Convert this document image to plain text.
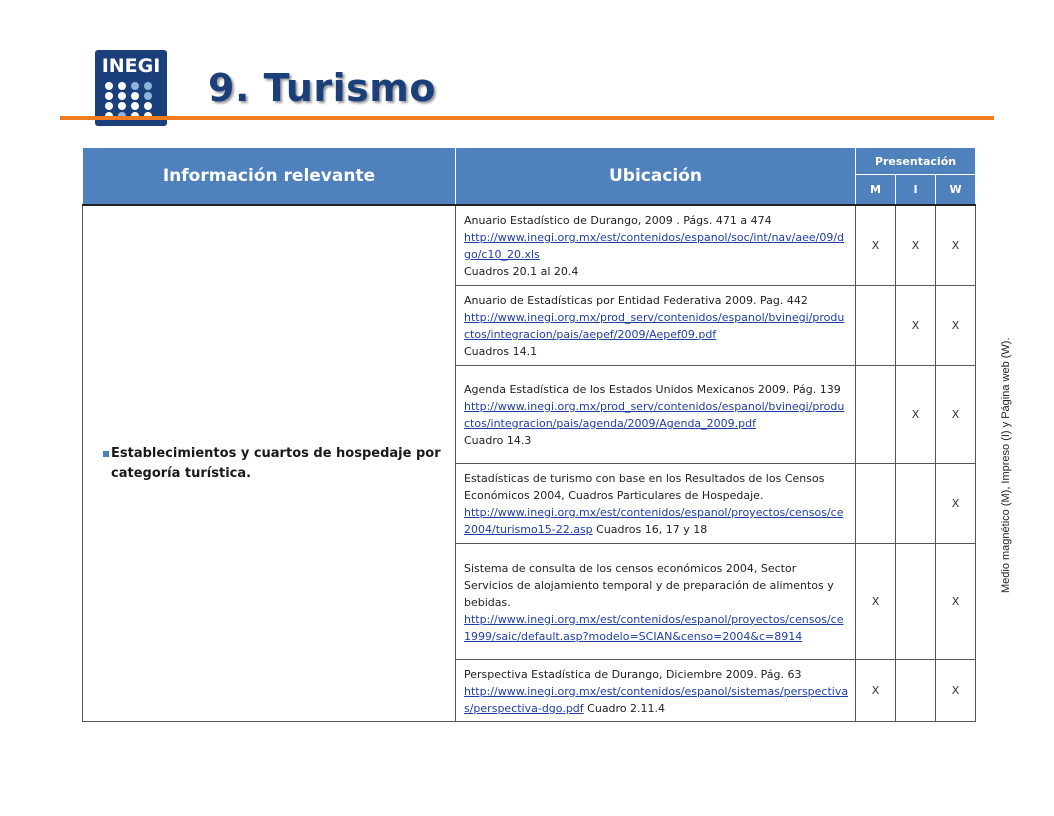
INEGI 9. Turismo
Información relevante	Ubicación	Presentación		
		M	I	W

Establecimientos y cuartos de hospedaje por categoría turística.	Anuario Estadístico de Durango, 2009 . Págs. 471 a 474
http://www.inegi.org.mx/est/contenidos/espanol/soc/int/nav/aee/09/dgo/c10_20.xls
Cuadros 20.1 al 20.4	X	X	X
	Anuario de Estadísticas por Entidad Federativa 2009. Pag. 442
http://www.inegi.org.mx/prod_serv/contenidos/espanol/bvinegi/productos/integracion/pais/aepef/2009/Aepef09.pdf
Cuadros 14.1		X	X
	Agenda Estadística de los Estados Unidos Mexicanos 2009. Pág. 139
http://www.inegi.org.mx/prod_serv/contenidos/espanol/bvinegi/productos/integracion/pais/agenda/2009/Agenda_2009.pdf
Cuadro 14.3		X	X
	Estadísticas de turismo con base en los Resultados de los Censos Económicos 2004, Cuadros Particulares de Hospedaje.
http://www.inegi.org.mx/est/contenidos/espanol/proyectos/censos/ce2004/turismo15-22.asp Cuadros 16, 17 y 18			X
	Sistema de consulta de los censos económicos 2004, Sector Servicios de alojamiento temporal y de preparación de alimentos y bebidas.
http://www.inegi.org.mx/est/contenidos/espanol/proyectos/censos/ce1999/saic/default.asp?modelo=SCIAN&censo=2004&c=8914	X		X
	Perspectiva Estadística de Durango, Diciembre 2009. Pág. 63
http://www.inegi.org.mx/est/contenidos/espanol/sistemas/perspectivas/perspectiva-dgo.pdf Cuadro 2.11.4	X		X
Medio magnético (M), Impreso (I) y Página web (W).
